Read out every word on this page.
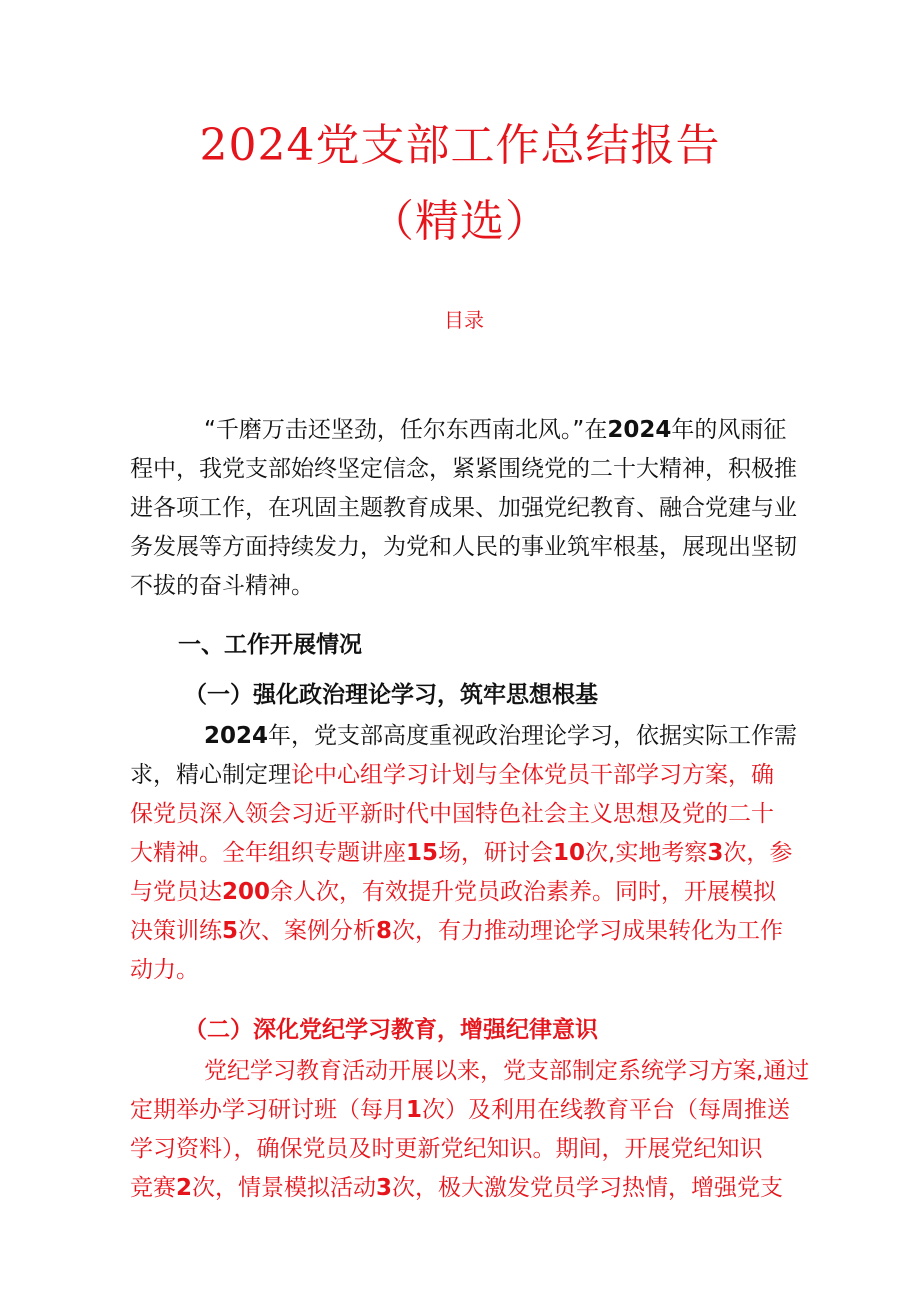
2024党支部工作总结报告
（精选）
目录
“千磨万击还坚劲，任尔东西南北风。”在2024年的风雨征
程中，我党支部始终坚定信念，紧紧围绕党的二十大精神，积极推
进各项工作，在巩固主题教育成果、加强党纪教育、融合党建与业
务发展等方面持续发力，为党和人民的事业筑牢根基，展现出坚韧
不拔的奋斗精神。
一、工作开展情况
（一）强化政治理论学习，筑牢思想根基
2024年，党支部高度重视政治理论学习，依据实际工作需
求，精心制定理论中心组学习计划与全体党员干部学习方案，确
保党员深入领会习近平新时代中国特色社会主义思想及党的二十
大精神。全年组织专题讲座15场，研讨会10次,实地考察3次，参
与党员达200余人次，有效提升党员政治素养。同时，开展模拟
决策训练5次、案例分析8次，有力推动理论学习成果转化为工作
动力。
（二）深化党纪学习教育，增强纪律意识
党纪学习教育活动开展以来，党支部制定系统学习方案,通过
定期举办学习研讨班（每月1次）及利用在线教育平台（每周推送
学习资料），确保党员及时更新党纪知识。期间，开展党纪知识
竞赛2次，情景模拟活动3次，极大激发党员学习热情，增强党支
